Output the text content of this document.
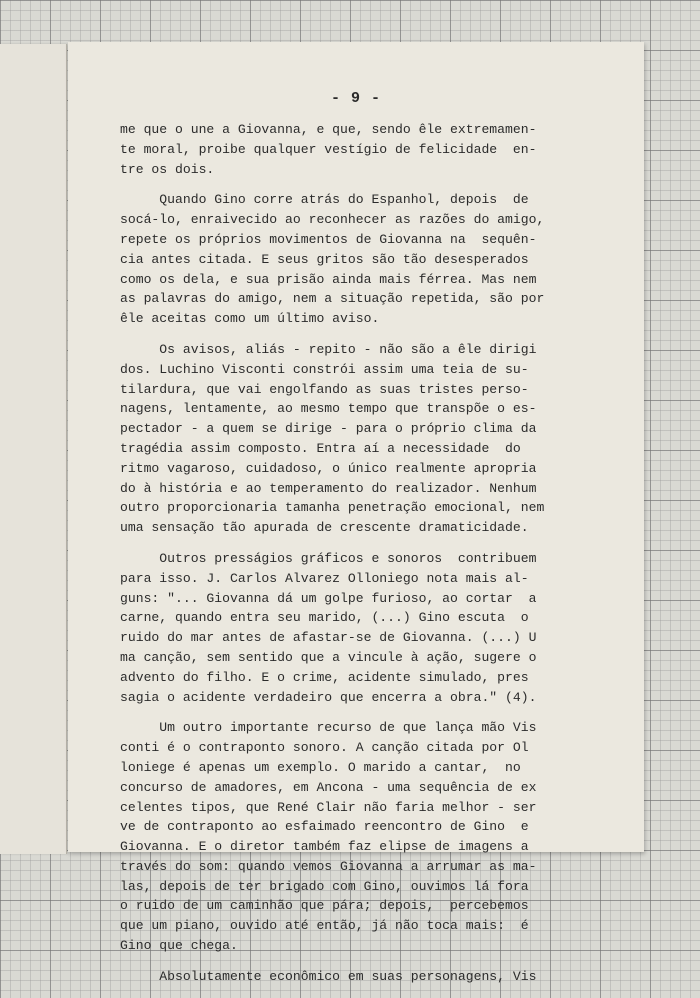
- 9 -
me que o une a Giovanna, e que, sendo êle extremamen-
te moral, proibe qualquer vestígio de felicidade  en-
tre os dois.
Quando Gino corre atrás do Espanhol, depois  de
socá-lo, enraivecido ao reconhecer as razões do amigo,
repete os próprios movimentos de Giovanna na  sequên-
cia antes citada. E seus gritos são tão desesperados
como os dela, e sua prisão ainda mais férrea. Mas nem
as palavras do amigo, nem a situação repetida, são por
êle aceitas como um último aviso.
Os avisos, aliás - repito - não são a êle dirigi
dos. Luchino Visconti constrói assim uma teia de su-
tilardura, que vai engolfando as suas tristes perso-
nagens, lentamente, ao mesmo tempo que transpõe o es-
pectador - a quem se dirige - para o próprio clima da
tragédia assim composto. Entra aí a necessidade  do
ritmo vagaroso, cuidadoso, o único realmente apropria
do à história e ao temperamento do realizador. Nenhum
outro proporcionaria tamanha penetração emocional, nem
uma sensação tão apurada de crescente dramaticidade.
Outros presságios gráficos e sonoros  contribuem
para isso. J. Carlos Alvarez Olloniego nota mais al-
guns: "... Giovanna dá um golpe furioso, ao cortar  a
carne, quando entra seu marido, (...) Gino escuta  o
ruido do mar antes de afastar-se de Giovanna. (...) U
ma canção, sem sentido que a vincule à ação, sugere o
advento do filho. E o crime, acidente simulado, pres
sagia o acidente verdadeiro que encerra a obra." (4).
Um outro importante recurso de que lança mão Vis
conti é o contraponto sonoro. A canção citada por Ol
loniege é apenas um exemplo. O marido a cantar,  no
concurso de amadores, em Ancona - uma sequência de ex
celentes tipos, que René Clair não faria melhor - ser
ve de contraponto ao esfaimado reencontro de Gino  e
Giovanna. E o diretor também faz elipse de imagens a
través do som: quando vemos Giovanna a arrumar as ma-
las, depois de ter brigado com Gino, ouvimos lá fora
o ruido de um caminhão que pára; depois,  percebemos
que um piano, ouvido até então, já não toca mais:  é
Gino que chega.
Absolutamente econômico em suas personagens, Vis
